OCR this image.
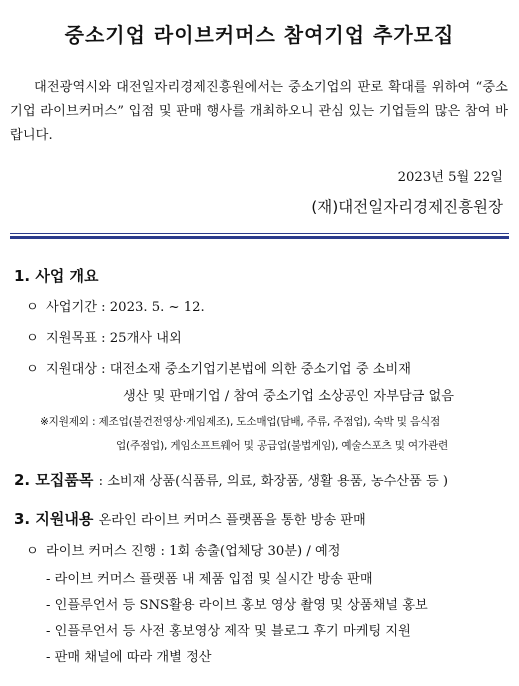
중소기업 라이브커머스 참여기업 추가모집
대전광역시와 대전일자리경제진흥원에서는 중소기업의 판로 확대를 위하여 “중소기업 라이브커머스” 입점 및 판매 행사를 개최하오니 관심 있는 기업들의 많은 참여 바랍니다.
2023년 5월 22일
(재)대전일자리경제진흥원장
1. 사업 개요
ㅇ 사업기간 : 2023. 5. ~ 12.
ㅇ 지원목표 : 25개사 내외
ㅇ 지원대상 : 대전소재 중소기업기본법에 의한 중소기업 중 소비재
생산 및 판매기업 / 참여 중소기업 소상공인 자부담금 없음
※지원제외 : 제조업(불건전영상·게임제조), 도소매업(담배, 주류, 주점업), 숙박 및 음식점
업(주점업), 게임소프트웨어 및 공급업(불법게임), 예술스포츠 및 여가관련
2. 모집품목 : 소비재 상품(식품류, 의료, 화장품, 생활 용품, 농수산품 등 )
3. 지원내용 온라인 라이브 커머스 플랫폼을 통한 방송 판매
ㅇ 라이브 커머스 진행 : 1회 송출(업체당 30분) / 예정
- 라이브 커머스 플랫폼 내 제품 입점 및 실시간 방송 판매
- 인플루언서 등 SNS활용 라이브 홍보 영상 촬영 및 상품채널 홍보
- 인플루언서 등 사전 홍보영상 제작 및 블로그 후기 마케팅 지원
- 판매 채널에 따라 개별 정산
